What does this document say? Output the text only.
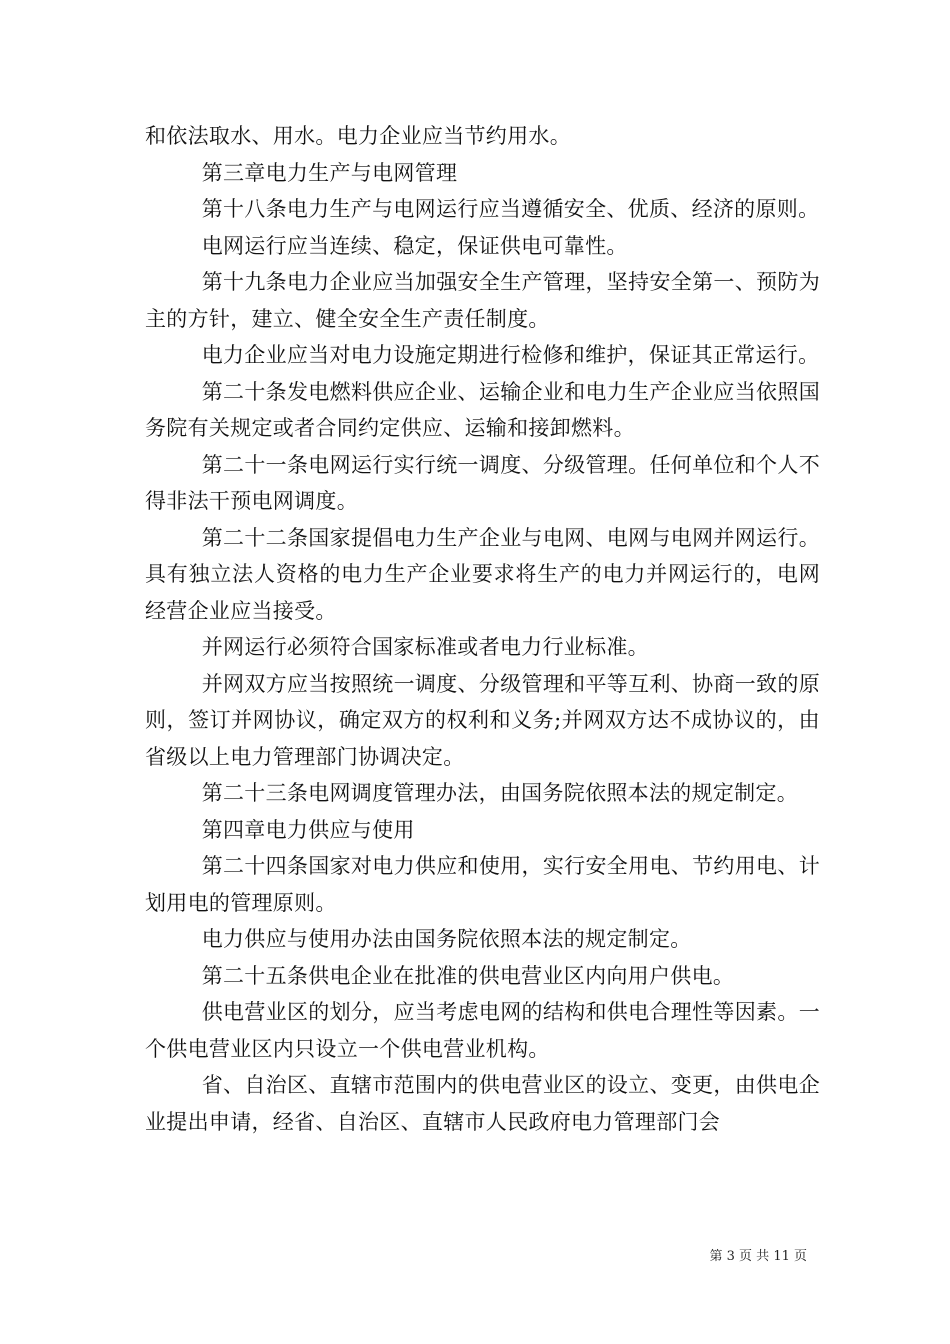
和依法取水、用水。电力企业应当节约用水。

第三章电力生产与电网管理

第十八条电力生产与电网运行应当遵循安全、优质、经济的原则。

电网运行应当连续、稳定，保证供电可靠性。

第十九条电力企业应当加强安全生产管理，坚持安全第一、预防为主的方针，建立、健全安全生产责任制度。

电力企业应当对电力设施定期进行检修和维护，保证其正常运行。

第二十条发电燃料供应企业、运输企业和电力生产企业应当依照国务院有关规定或者合同约定供应、运输和接卸燃料。

第二十一条电网运行实行统一调度、分级管理。任何单位和个人不得非法干预电网调度。

第二十二条国家提倡电力生产企业与电网、电网与电网并网运行。具有独立法人资格的电力生产企业要求将生产的电力并网运行的，电网经营企业应当接受。

并网运行必须符合国家标准或者电力行业标准。

并网双方应当按照统一调度、分级管理和平等互利、协商一致的原则，签订并网协议，确定双方的权利和义务;并网双方达不成协议的，由省级以上电力管理部门协调决定。

第二十三条电网调度管理办法，由国务院依照本法的规定制定。

第四章电力供应与使用

第二十四条国家对电力供应和使用，实行安全用电、节约用电、计划用电的管理原则。

电力供应与使用办法由国务院依照本法的规定制定。

第二十五条供电企业在批准的供电营业区内向用户供电。

供电营业区的划分，应当考虑电网的结构和供电合理性等因素。一个供电营业区内只设立一个供电营业机构。

省、自治区、直辖市范围内的供电营业区的设立、变更，由供电企业提出申请，经省、自治区、直辖市人民政府电力管理部门会

第 3 页 共 11 页
